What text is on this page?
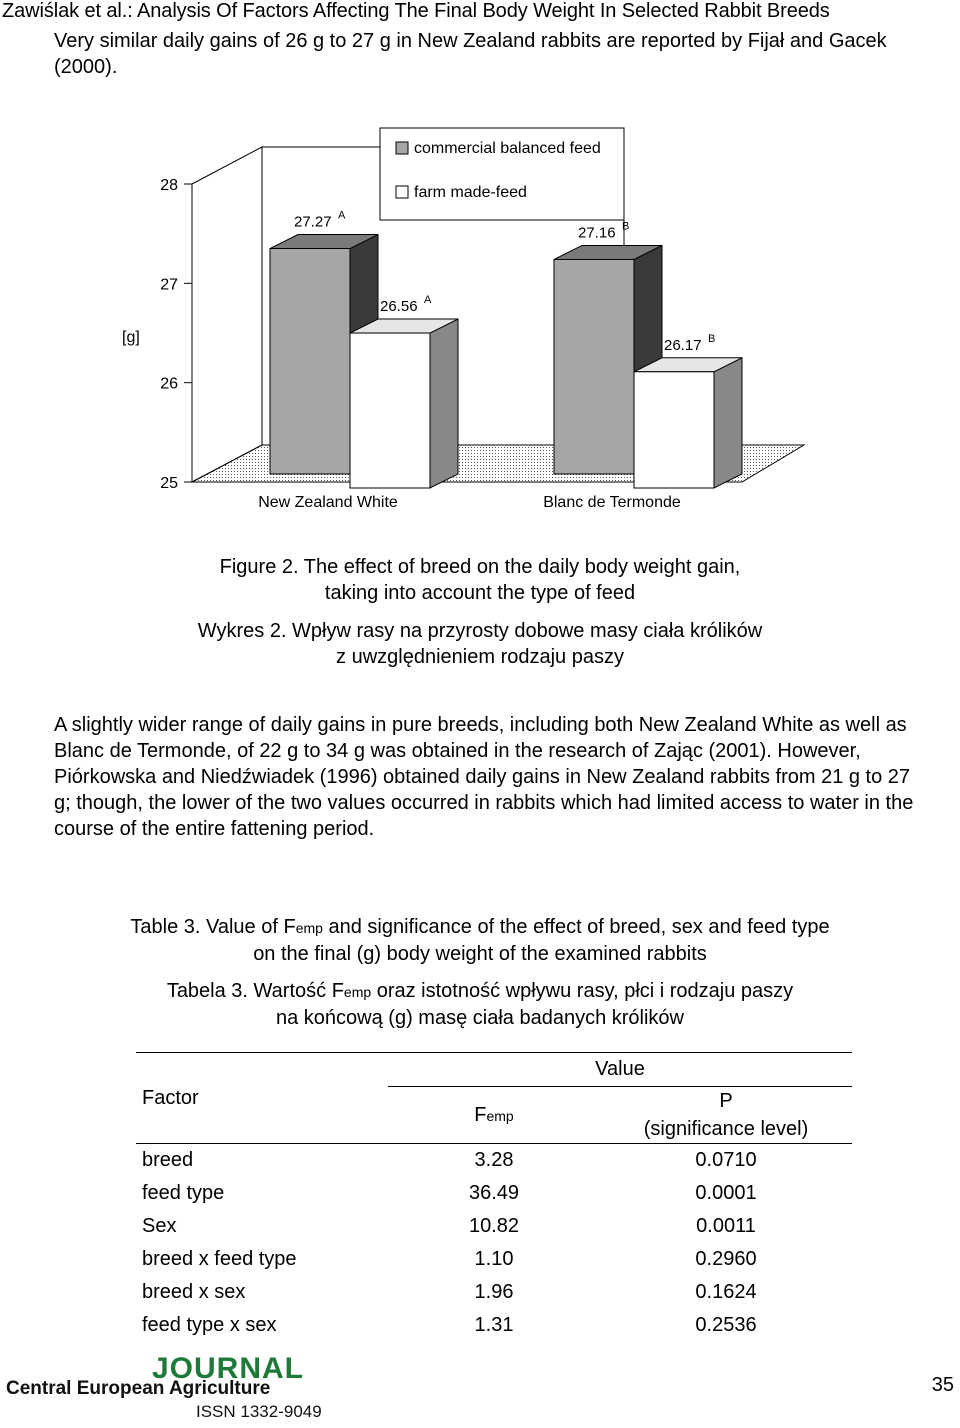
Zawiślak et al.: Analysis Of Factors Affecting The Final Body Weight In Selected Rabbit Breeds

Very similar daily gains of 26 g to 27 g in New Zealand rabbits are reported by Fijał and Gacek (2000).

25
26
27
28
[g]
27.27 A
26.56 A
New Zealand White
27.16 B
26.17 B
Blanc de Termonde
commercial balanced feed
farm made-feed
Figure 2. The effect of breed on the daily body weight gain,
taking into account the type of feed
Wykres 2. Wpływ rasy na przyrosty dobowe masy ciała królików
z uwzględnieniem rodzaju paszy

A slightly wider range of daily gains in pure breeds, including both New Zealand White as well as Blanc de Termonde, of 22 g to 34 g was obtained in the research of Zając (2001). However, Piórkowska and Niedźwiadek (1996) obtained daily gains in New Zealand rabbits from 21 g to 27 g; though, the lower of the two values occurred in rabbits which had limited access to water in the course of the entire fattening period.

Table 3. Value of Femp and significance of the effect of breed, sex and feed type
on the final (g) body weight of the examined rabbits
Tabela 3. Wartość Femp oraz istotność wpływu rasy, płci i rodzaju paszy
na końcową (g) masę ciała badanych królików
Factor	Value	
	Femp	P
(significance level)

breed	3.28	0.0710
feed type	36.49	0.0001
Sex	10.82	0.0011
breed x feed type	1.10	0.2960
breed x sex	1.96	0.1624
feed type x sex	1.31	0.2536
JOURNAL
Central European Agriculture
ISSN 1332-9049
35
